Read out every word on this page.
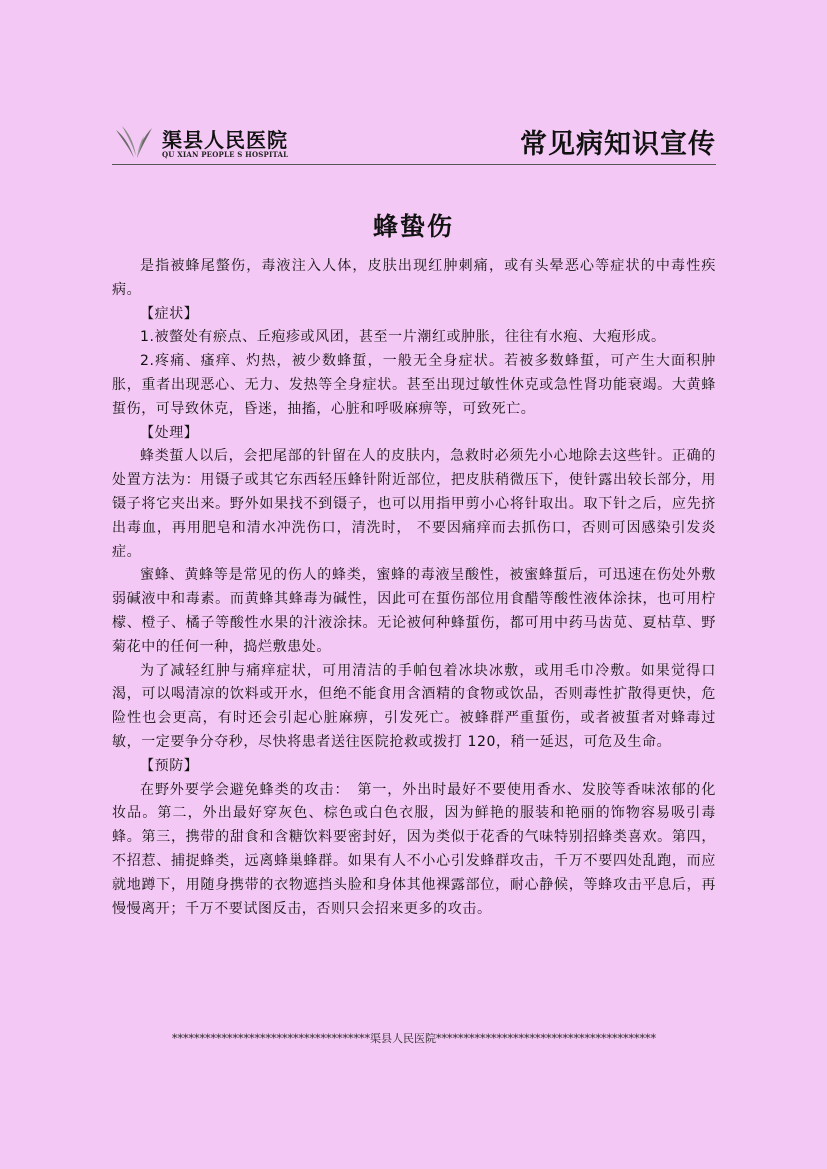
渠县人民医院
QU XIAN PEOPLE S HOSPITAL	常见病知识宣传
蜂蛰伤

是指被蜂尾螫伤，毒液注入人体，皮肤出现红肿刺痛，或有头晕恶心等症状的中毒性疾病。

【症状】

1.被螫处有瘀点、丘疱疹或风团，甚至一片潮红或肿胀，往往有水疱、大疱形成。

2.疼痛、瘙痒、灼热，被少数蜂蜇，一般无全身症状。若被多数蜂蜇，可产生大面积肿胀，重者出现恶心、无力、发热等全身症状。甚至出现过敏性休克或急性肾功能衰竭。大黄蜂蜇伤，可导致休克，昏迷，抽搐，心脏和呼吸麻痹等，可致死亡。

【处理】

蜂类蜇人以后，会把尾部的针留在人的皮肤内，急救时必须先小心地除去这些针。正确的处置方法为：用镊子或其它东西轻压蜂针附近部位，把皮肤稍微压下，使针露出较长部分，用镊子将它夹出来。野外如果找不到镊子，也可以用指甲剪小心将针取出。取下针之后，应先挤出毒血，再用肥皂和清水冲洗伤口，清洗时， 不要因痛痒而去抓伤口，否则可因感染引发炎症。

蜜蜂、黄蜂等是常见的伤人的蜂类，蜜蜂的毒液呈酸性，被蜜蜂蜇后，可迅速在伤处外敷弱碱液中和毒素。而黄蜂其蜂毒为碱性，因此可在蜇伤部位用食醋等酸性液体涂抹，也可用柠檬、橙子、橘子等酸性水果的汁液涂抹。无论被何种蜂蜇伤，都可用中药马齿苋、夏枯草、野菊花中的任何一种，捣烂敷患处。

为了减轻红肿与痛痒症状，可用清洁的手帕包着冰块冰敷，或用毛巾冷敷。如果觉得口渴，可以喝清凉的饮料或开水，但绝不能食用含酒精的食物或饮品，否则毒性扩散得更快，危险性也会更高，有时还会引起心脏麻痹，引发死亡。被蜂群严重蜇伤，或者被蜇者对蜂毒过敏，一定要争分夺秒，尽快将患者送往医院抢救或拨打 120，稍一延迟，可危及生命。

【预防】

在野外要学会避免蜂类的攻击：　第一，外出时最好不要使用香水、发胶等香味浓郁的化妆品。第二，外出最好穿灰色、棕色或白色衣服，因为鲜艳的服装和艳丽的饰物容易吸引毒蜂。第三，携带的甜食和含糖饮料要密封好，因为类似于花香的气味特别招蜂类喜欢。第四，不招惹、捕捉蜂类，远离蜂巢蜂群。如果有人不小心引发蜂群攻击，千万不要四处乱跑，而应就地蹲下，用随身携带的衣物遮挡头脸和身体其他裸露部位，耐心静候，等蜂攻击平息后，再慢慢离开；千万不要试图反击，否则只会招来更多的攻击。

************************************渠县人民医院****************************************
